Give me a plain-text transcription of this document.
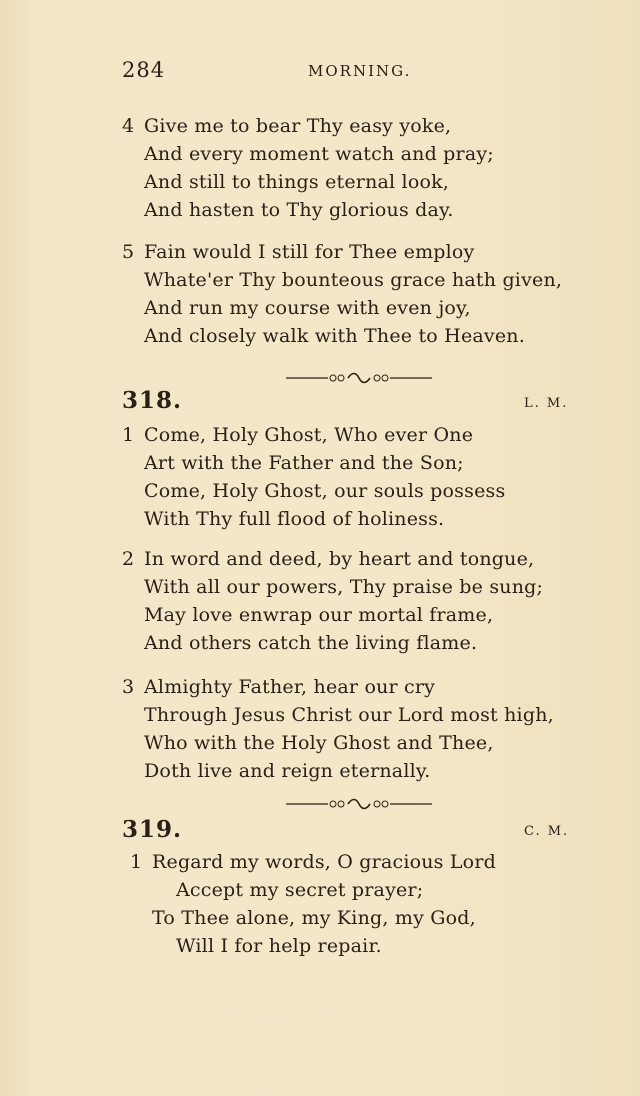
284	MORNING.
4 Give me to bear Thy easy yoke,
And every moment watch and pray;
And still to things eternal look,
And hasten to Thy glorious day.
5 Fain would I still for Thee employ
Whate'er Thy bounteous grace hath given,
And run my course with even joy,
And closely walk with Thee to Heaven.
318.	L. M.
1 Come, Holy Ghost, Who ever One
Art with the Father and the Son;
Come, Holy Ghost, our souls possess
With Thy full flood of holiness.
2 In word and deed, by heart and tongue,
With all our powers, Thy praise be sung;
May love enwrap our mortal frame,
And others catch the living flame.
3 Almighty Father, hear our cry
Through Jesus Christ our Lord most high,
Who with the Holy Ghost and Thee,
Doth live and reign eternally.
319.	C. M.
1 Regard my words, O gracious Lord
Accept my secret prayer;
To Thee alone, my King, my God,
Will I for help repair.
